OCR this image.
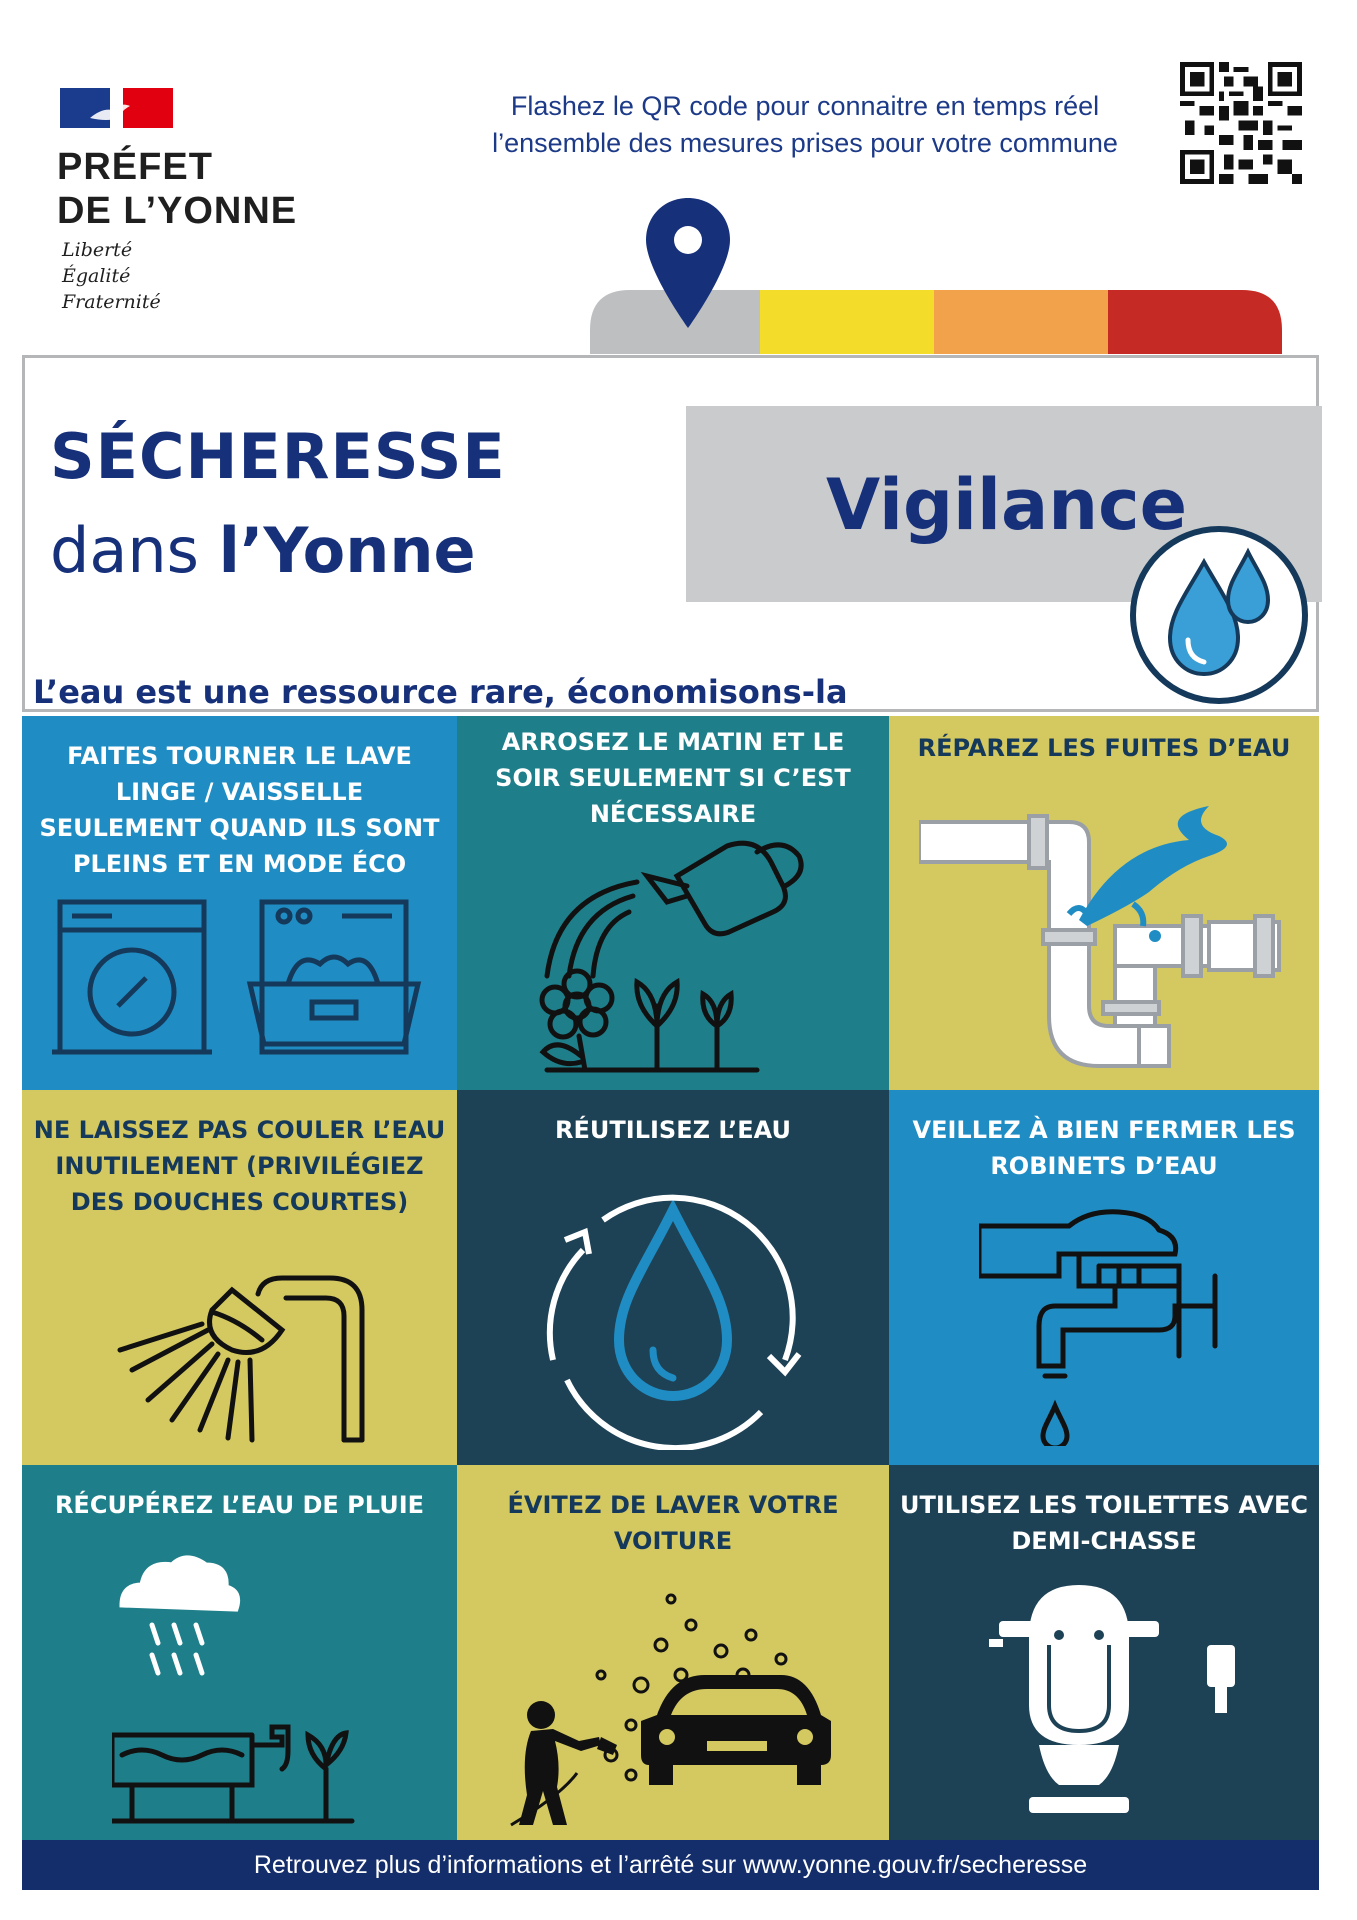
PRÉFET
DE L’YONNE
Liberté
Égalité
Fraternité
Flashez le QR code pour connaitre en temps réel
l’ensemble des mesures prises pour votre commune
SÉCHERESSE
dans l’Yonne
Vigilance
L’eau est une ressource rare, économisons-la
FAITES TOURNER LE LAVE LINGE / VAISSELLE SEULEMENT QUAND ILS SONT PLEINS ET EN MODE ÉCO
ARROSEZ LE MATIN ET LE SOIR SEULEMENT SI C’EST NÉCESSAIRE
RÉPAREZ LES FUITES D’EAU
NE LAISSEZ PAS COULER L’EAU INUTILEMENT (PRIVILÉGIEZ DES DOUCHES COURTES)
RÉUTILISEZ L’EAU	VEILLEZ À BIEN FERMER LES ROBINETS D’EAU
RÉCUPÉREZ L’EAU DE PLUIE	ÉVITEZ DE LAVER VOTRE VOITURE
UTILISEZ LES TOILETTES AVEC DEMI-CHASSE
Retrouvez plus d’informations et l’arrêté sur www.yonne.gouv.fr/secheresse
